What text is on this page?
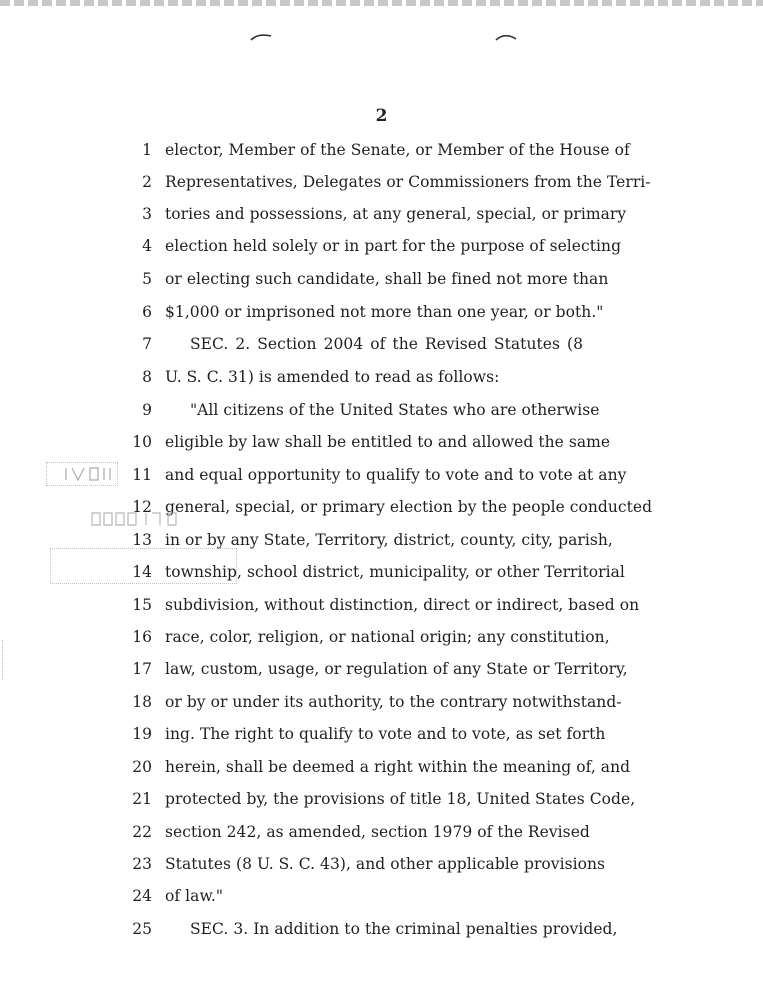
2
1 elector, Member of the Senate, or Member of the House of
2 Representatives, Delegates or Commissioners from the Terri-
3 tories and possessions, at any general, special, or primary
4 election held solely or in part for the purpose of selecting
5 or electing such candidate, shall be fined not more than
6 $1,000 or imprisoned not more than one year, or both."
7 SEC. 2. Section 2004 of the Revised Statutes (8
8 U. S. C. 31) is amended to read as follows:
9 "All citizens of the United States who are otherwise
10 eligible by law shall be entitled to and allowed the same
11 and equal opportunity to qualify to vote and to vote at any
12 general, special, or primary election by the people conducted
13 in or by any State, Territory, district, county, city, parish,
14 township, school district, municipality, or other Territorial
15 subdivision, without distinction, direct or indirect, based on
16 race, color, religion, or national origin; any constitution,
17 law, custom, usage, or regulation of any State or Territory,
18 or by or under its authority, to the contrary notwithstand-
19 ing. The right to qualify to vote and to vote, as set forth
20 herein, shall be deemed a right within the meaning of, and
21 protected by, the provisions of title 18, United States Code,
22 section 242, as amended, section 1979 of the Revised
23 Statutes (8 U. S. C. 43), and other applicable provisions
24 of law."
25 SEC. 3. In addition to the criminal penalties provided,
